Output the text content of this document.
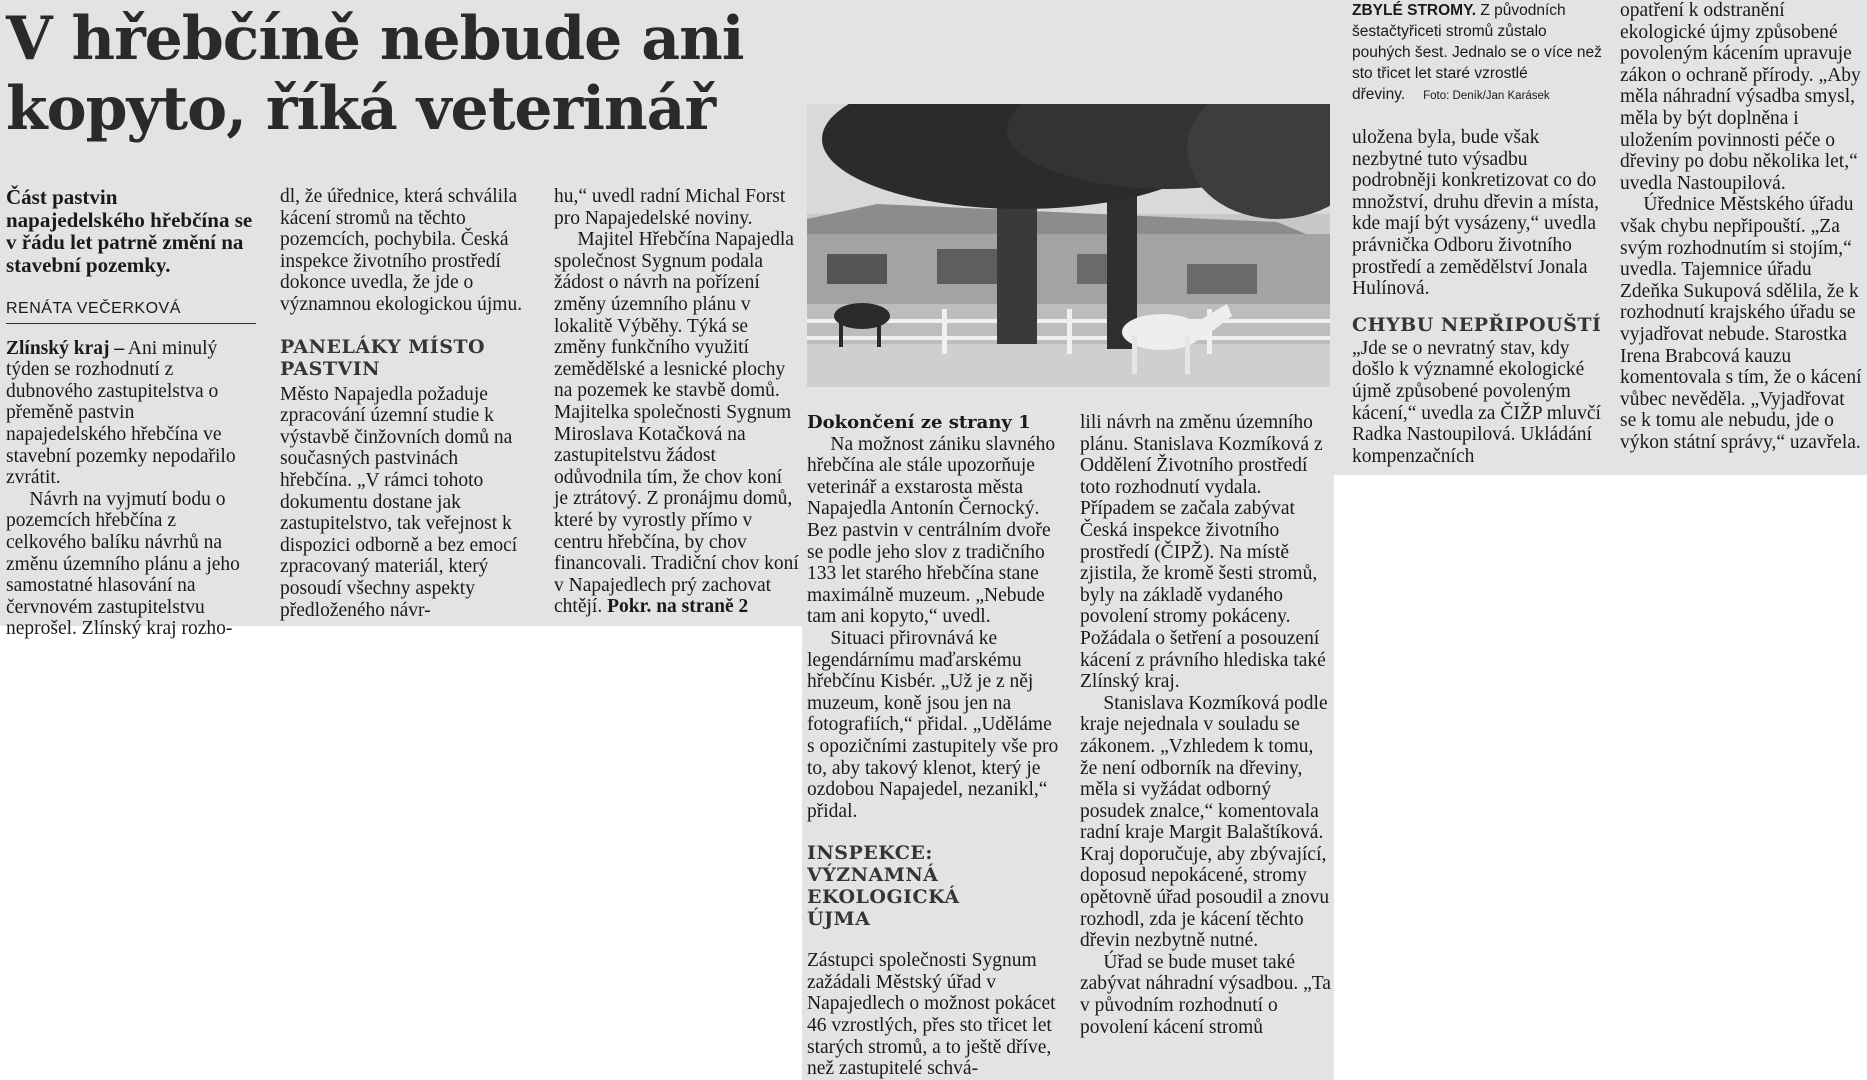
V hřebčíně nebude ani kopyto, říká veterinář

Část pastvin napajedelského hřebčína se v řádu let patrně změní na stavební pozemky.

RENÁTA VEČERKOVÁ

Zlínský kraj – Ani minulý týden se rozhodnutí z dubnového zastupitelstva o přeměně pastvin napajedelského hřebčína ve stavební pozemky nepodařilo zvrátit.

Návrh na vyjmutí bodu o pozemcích hřebčína z celkového balíku návrhů na změnu územního plánu a jeho samostatné hlasování na červnovém zastupitelstvu neprošel. Zlínský kraj rozho-

dl, že úřednice, která schválila kácení stromů na těchto pozemcích, pochybila. Česká inspekce životního prostředí dokonce uvedla, že jde o významnou ekologickou újmu.

PANELÁKY MÍSTO PASTVIN

Město Napajedla požaduje zpracování územní studie k výstavbě činžovních domů na současných pastvinách hřebčína. „V rámci tohoto dokumentu dostane jak zastupitelstvo, tak veřejnost k dispozici odborně a bez emocí zpracovaný materiál, který posoudí všechny aspekty předloženého návr-

hu,“ uvedl radní Michal Forst pro Napajedelské noviny.

Majitel Hřebčína Napajedla společnost Sygnum podala žádost o návrh na pořízení změny územního plánu v lokalitě Výběhy. Týká se změny funkčního využití zemědělské a lesnické plochy na pozemek ke stavbě domů. Majitelka společnosti Sygnum Miroslava Kotačková na zastupitelstvu žádost odůvodnila tím, že chov koní je ztrátový. Z pronájmu domů, které by vyrostly přímo v centru hřebčína, by chov financovali. Tradiční chov koní v Napajedlech prý zachovat chtějí. Pokr. na straně 2

Dokončení ze strany 1

Na možnost zániku slavného hřebčína ale stále upozorňuje veterinář a exstarosta města Napajedla Antonín Černocký. Bez pastvin v centrálním dvoře se podle jeho slov z tradičního 133 let starého hřebčína stane maximálně muzeum. „Nebude tam ani kopyto,“ uvedl.

Situaci přirovnává ke legendárnímu maďarskému hřebčínu Kisbér. „Už je z něj muzeum, koně jsou jen na fotografiích,“ přidal. „Uděláme s opozičními zastupitely vše pro to, aby takový klenot, který je ozdobou Napajedel, nezanikl,“ přidal.

INSPEKCE: VÝZNAMNÁ EKOLOGICKÁ ÚJMA

Zástupci společnosti Sygnum zažádali Městský úřad v Napajedlech o možnost pokácet 46 vzrostlých, přes sto třicet let starých stromů, a to ještě dříve, než zastupitelé schvá-

lili návrh na změnu územního plánu. Stanislava Kozmíková z Oddělení Životního prostředí toto rozhodnutí vydala. Případem se začala zabývat Česká inspekce životního prostředí (ČIPŽ). Na místě zjistila, že kromě šesti stromů, byly na základě vydaného povolení stromy pokáceny. Požádala o šetření a posouzení kácení z právního hlediska také Zlínský kraj.

Stanislava Kozmíková podle kraje nejednala v souladu se zákonem. „Vzhledem k tomu, že není odborník na dřeviny, měla si vyžádat odborný posudek znalce,“ komentovala radní kraje Margit Balaštíková. Kraj doporučuje, aby zbývající, doposud nepokácené, stromy opětovně úřad posoudil a znovu rozhodl, zda je kácení těchto dřevin nezbytně nutné.

Úřad se bude muset také zabývat náhradní výsadbou. „Ta v původním rozhodnutí o povolení kácení stromů

ZBYLÉ STROMY. Z původních šestačtyřiceti stromů zůstalo pouhých šest. Jednalo se o více než sto třicet let staré vzrostlé dřeviny. Foto: Deník/Jan Karásek

uložena byla, bude však nezbytné tuto výsadbu podrobněji konkretizovat co do množství, druhu dřevin a místa, kde mají být vysázeny,“ uvedla právnička Odboru životního prostředí a zemědělství Jonala Hulínová.

CHYBU NEPŘIPOUŠTÍ

„Jde se o nevratný stav, kdy došlo k významné ekologické újmě způsobené povoleným kácení,“ uvedla za ČIŽP mluvčí Radka Nastoupilová. Ukládání kompenzačních

opatření k odstranění ekologické újmy způsobené povoleným kácením upravuje zákon o ochraně přírody. „Aby měla náhradní výsadba smysl, měla by být doplněna i uložením povinnosti péče o dřeviny po dobu několika let,“ uvedla Nastoupilová.

Úřednice Městského úřadu však chybu nepřipouští. „Za svým rozhodnutím si stojím,“ uvedla. Tajemnice úřadu Zdeňka Sukupová sdělila, že k rozhodnutí krajského úřadu se vyjadřovat nebude. Starostka Irena Brabcová kauzu komentovala s tím, že o kácení vůbec nevěděla. „Vyjadřovat se k tomu ale nebudu, jde o výkon státní správy,“ uzavřela.
